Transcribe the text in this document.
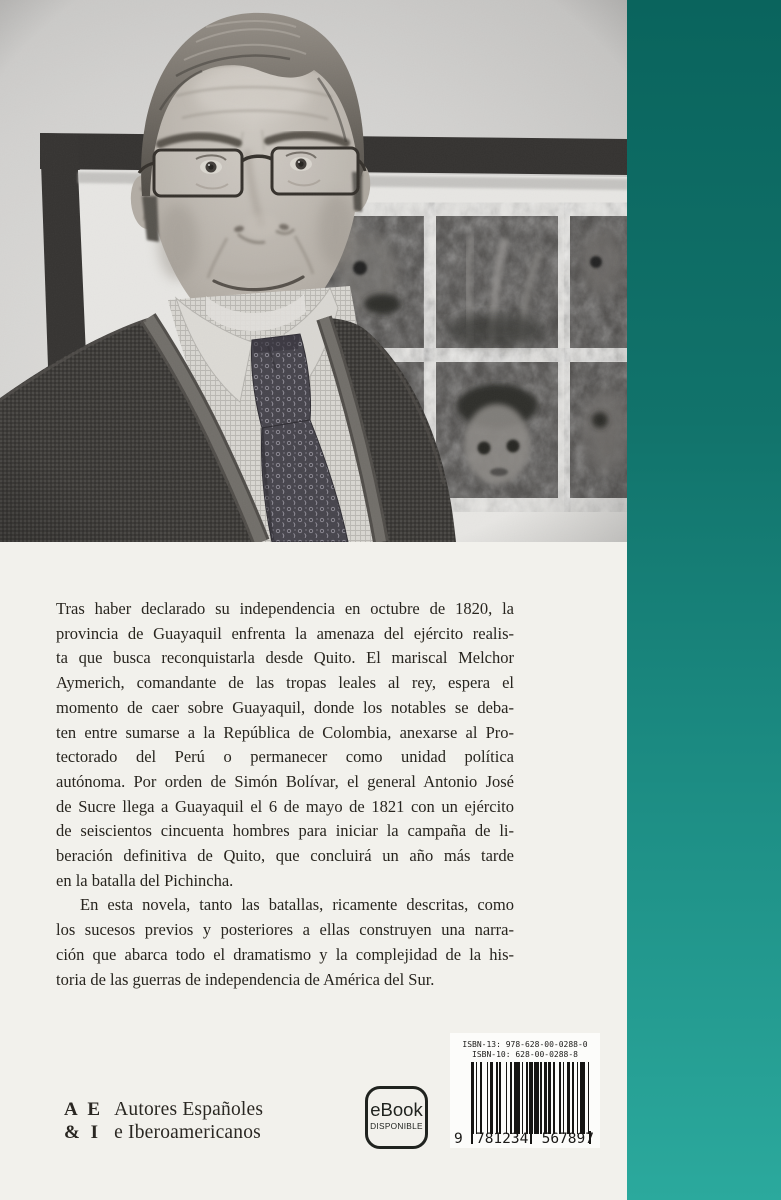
Tras haber declarado su independencia en octubre de 1820, la
provincia de Guayaquil enfrenta la amenaza del ejército realis-
ta que busca reconquistarla desde Quito. El mariscal Melchor
Aymerich, comandante de las tropas leales al rey, espera el
momento de caer sobre Guayaquil, donde los notables se deba-
ten entre sumarse a la República de Colombia, anexarse al Pro-
tectorado del Perú o permanecer como unidad política
autónoma. Por orden de Simón Bolívar, el general Antonio José
de Sucre llega a Guayaquil el 6 de mayo de 1821 con un ejército
de seiscientos cincuenta hombres para iniciar la campaña de li-
beración definitiva de Quito, que concluirá un año más tarde
en la batalla del Pichincha.
En esta novela, tanto las batallas, ricamente descritas, como
los sucesos previos y posteriores a ellas construyen una narra-
ción que abarca todo el dramatismo y la complejidad de la his-
toria de las guerras de independencia de América del Sur.
A E
& I
Autores Españoles
e Iberoamericanos
eBook
DISPONIBLE
ISBN-13: 978-628-00-0288-0
ISBN-10: 628-00-0288-8
9 781234 567897
